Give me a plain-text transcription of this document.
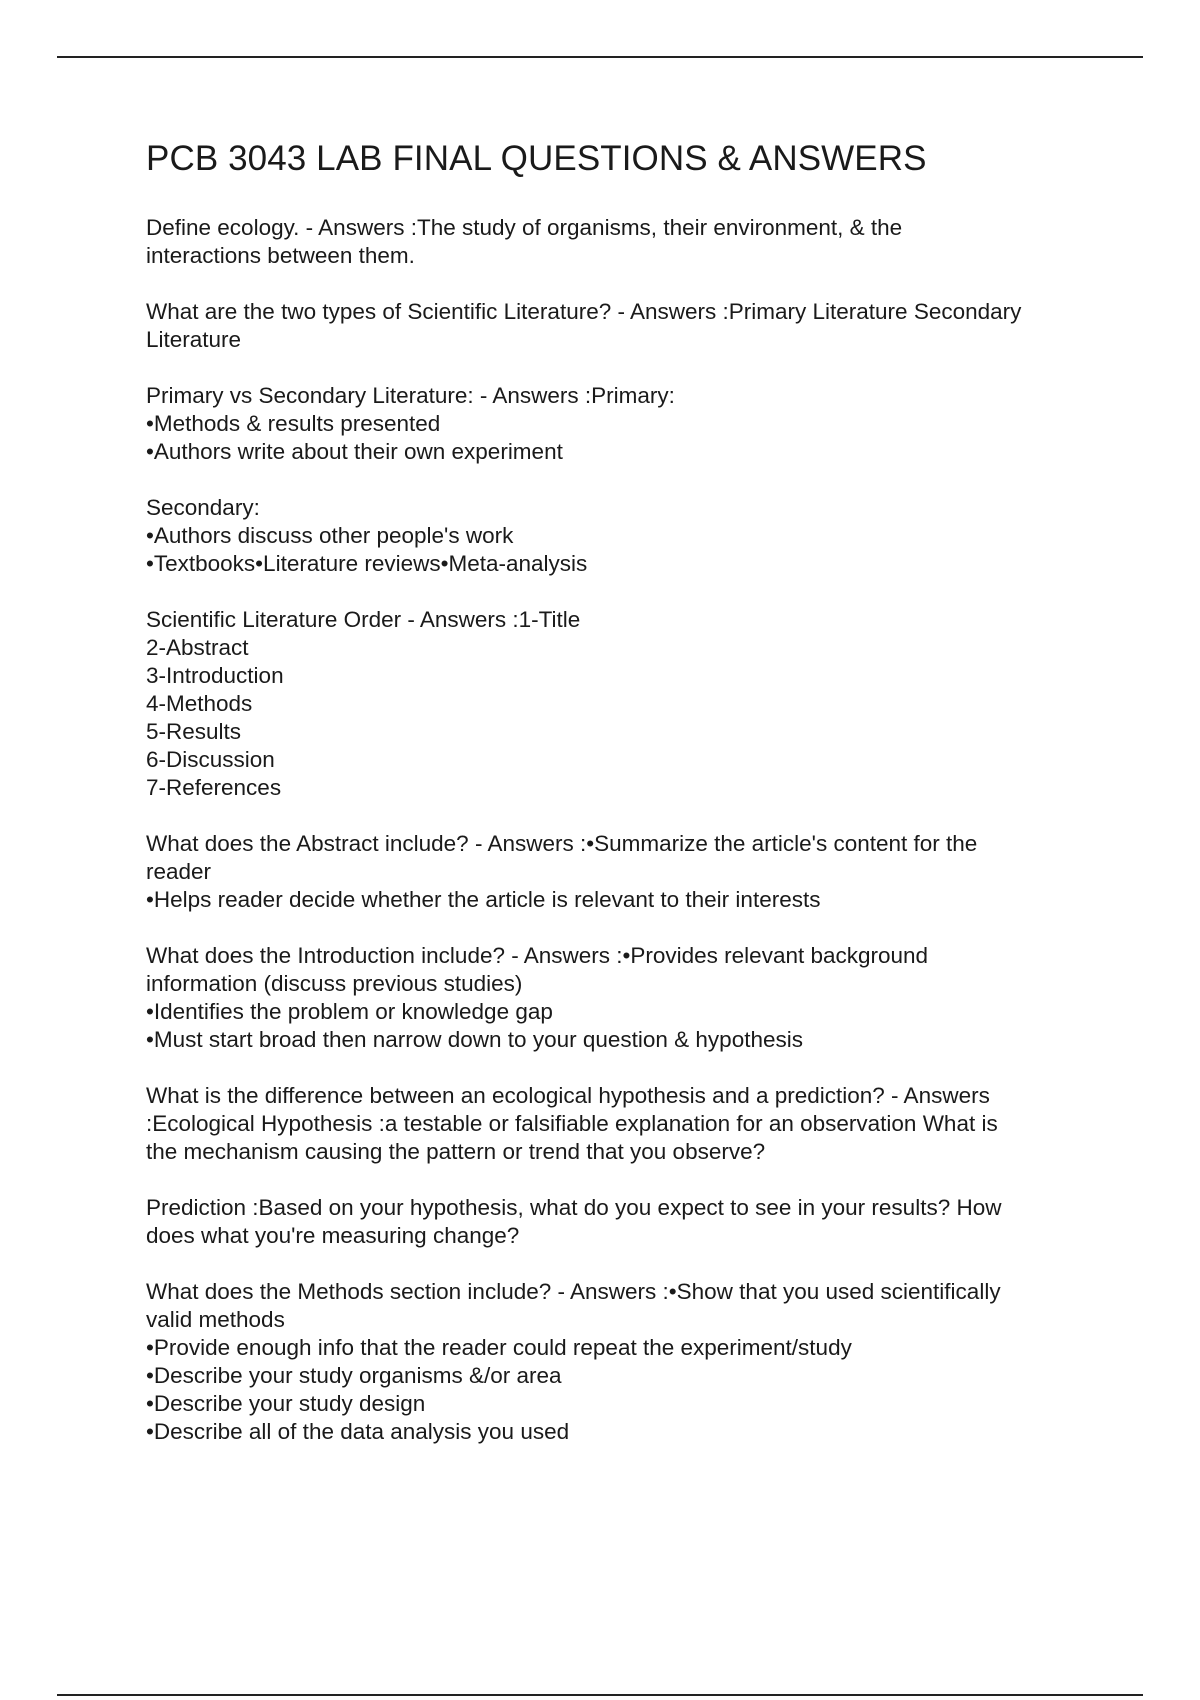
PCB 3043 LAB FINAL QUESTIONS & ANSWERS
Define ecology. - Answers :The study of organisms, their environment, & the
interactions between them.
What are the two types of Scientific Literature? - Answers :Primary Literature Secondary
Literature
Primary vs Secondary Literature: - Answers :Primary:
•Methods & results presented
•Authors write about their own experiment
Secondary:
•Authors discuss other people's work
•Textbooks•Literature reviews•Meta-analysis
Scientific Literature Order - Answers :1-Title
2-Abstract
3-Introduction
4-Methods
5-Results
6-Discussion
7-References
What does the Abstract include? - Answers :•Summarize the article's content for the
reader
•Helps reader decide whether the article is relevant to their interests
What does the Introduction include? - Answers :•Provides relevant background
information (discuss previous studies)
•Identifies the problem or knowledge gap
•Must start broad then narrow down to your question & hypothesis
What is the difference between an ecological hypothesis and a prediction? - Answers
:Ecological Hypothesis :a testable or falsifiable explanation for an observation What is
the mechanism causing the pattern or trend that you observe?
Prediction :Based on your hypothesis, what do you expect to see in your results? How
does what you're measuring change?
What does the Methods section include? - Answers :•Show that you used scientifically
valid methods
•Provide enough info that the reader could repeat the experiment/study
•Describe your study organisms &/or area
•Describe your study design
•Describe all of the data analysis you used
